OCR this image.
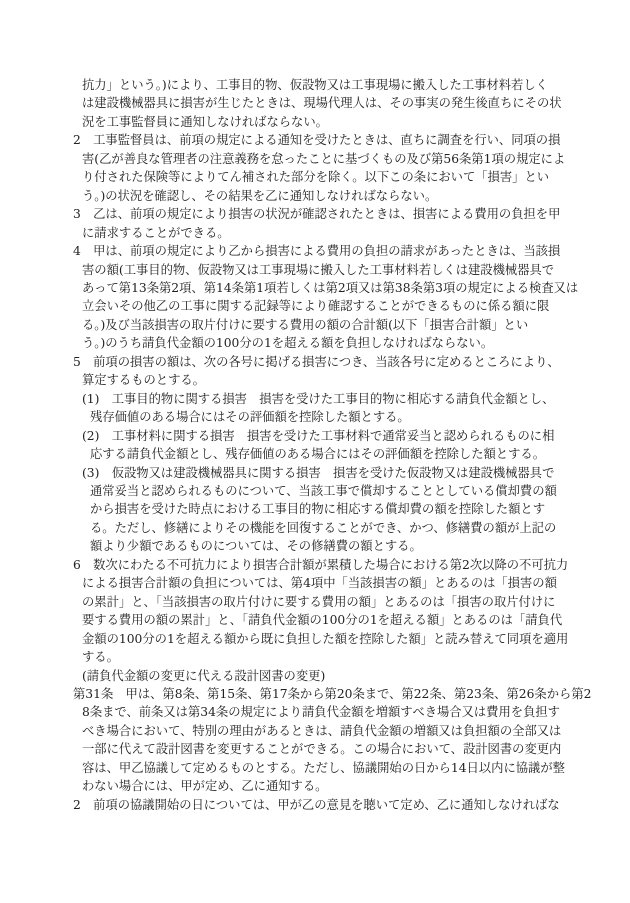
抗力」という。)により、工事目的物、仮設物又は工事現場に搬入した工事材料若しく
は建設機械器具に損害が生じたときは、現場代理人は、その事実の発生後直ちにその状
況を工事監督員に通知しなければならない。
2　工事監督員は、前項の規定による通知を受けたときは、直ちに調査を行い、同項の損
害(乙が善良な管理者の注意義務を怠ったことに基づくもの及び第56条第1項の規定によ
り付された保険等によりてん補された部分を除く。以下この条において「損害」とい
う。)の状況を確認し、その結果を乙に通知しなければならない。
3　乙は、前項の規定により損害の状況が確認されたときは、損害による費用の負担を甲
に請求することができる。
4　甲は、前項の規定により乙から損害による費用の負担の請求があったときは、当該損
害の額(工事目的物、仮設物又は工事現場に搬入した工事材料若しくは建設機械器具で
あって第13条第2項、第14条第1項若しくは第2項又は第38条第3項の規定による検査又は
立会いその他乙の工事に関する記録等により確認することができるものに係る額に限
る。)及び当該損害の取片付けに要する費用の額の合計額(以下「損害合計額」とい
う。)のうち請負代金額の100分の1を超える額を負担しなければならない。
5　前項の損害の額は、次の各号に掲げる損害につき、当該各号に定めるところにより、
算定するものとする。
(1)　工事目的物に関する損害　損害を受けた工事目的物に相応する請負代金額とし、
残存価値のある場合にはその評価額を控除した額とする。
(2)　工事材料に関する損害　損害を受けた工事材料で通常妥当と認められるものに相
応する請負代金額とし、残存価値のある場合にはその評価額を控除した額とする。
(3)　仮設物又は建設機械器具に関する損害　損害を受けた仮設物又は建設機械器具で
通常妥当と認められるものについて、当該工事で償却することとしている償却費の額
から損害を受けた時点における工事目的物に相応する償却費の額を控除した額とす
る。ただし、修繕によりその機能を回復することができ、かつ、修繕費の額が上記の
額より少額であるものについては、その修繕費の額とする。
6　数次にわたる不可抗力により損害合計額が累積した場合における第2次以降の不可抗力
による損害合計額の負担については、第4項中「当該損害の額」とあるのは「損害の額
の累計」と、「当該損害の取片付けに要する費用の額」とあるのは「損害の取片付けに
要する費用の額の累計」と、「請負代金額の100分の1を超える額」とあるのは「請負代
金額の100分の1を超える額から既に負担した額を控除した額」と読み替えて同項を適用
する。
(請負代金額の変更に代える設計図書の変更)
第31条　甲は、第8条、第15条、第17条から第20条まで、第22条、第23条、第26条から第2
8条まで、前条又は第34条の規定により請負代金額を増額すべき場合又は費用を負担す
べき場合において、特別の理由があるときは、請負代金額の増額又は負担額の全部又は
一部に代えて設計図書を変更することができる。この場合において、設計図書の変更内
容は、甲乙協議して定めるものとする。ただし、協議開始の日から14日以内に協議が整
わない場合には、甲が定め、乙に通知する。
2　前項の協議開始の日については、甲が乙の意見を聴いて定め、乙に通知しなければな
